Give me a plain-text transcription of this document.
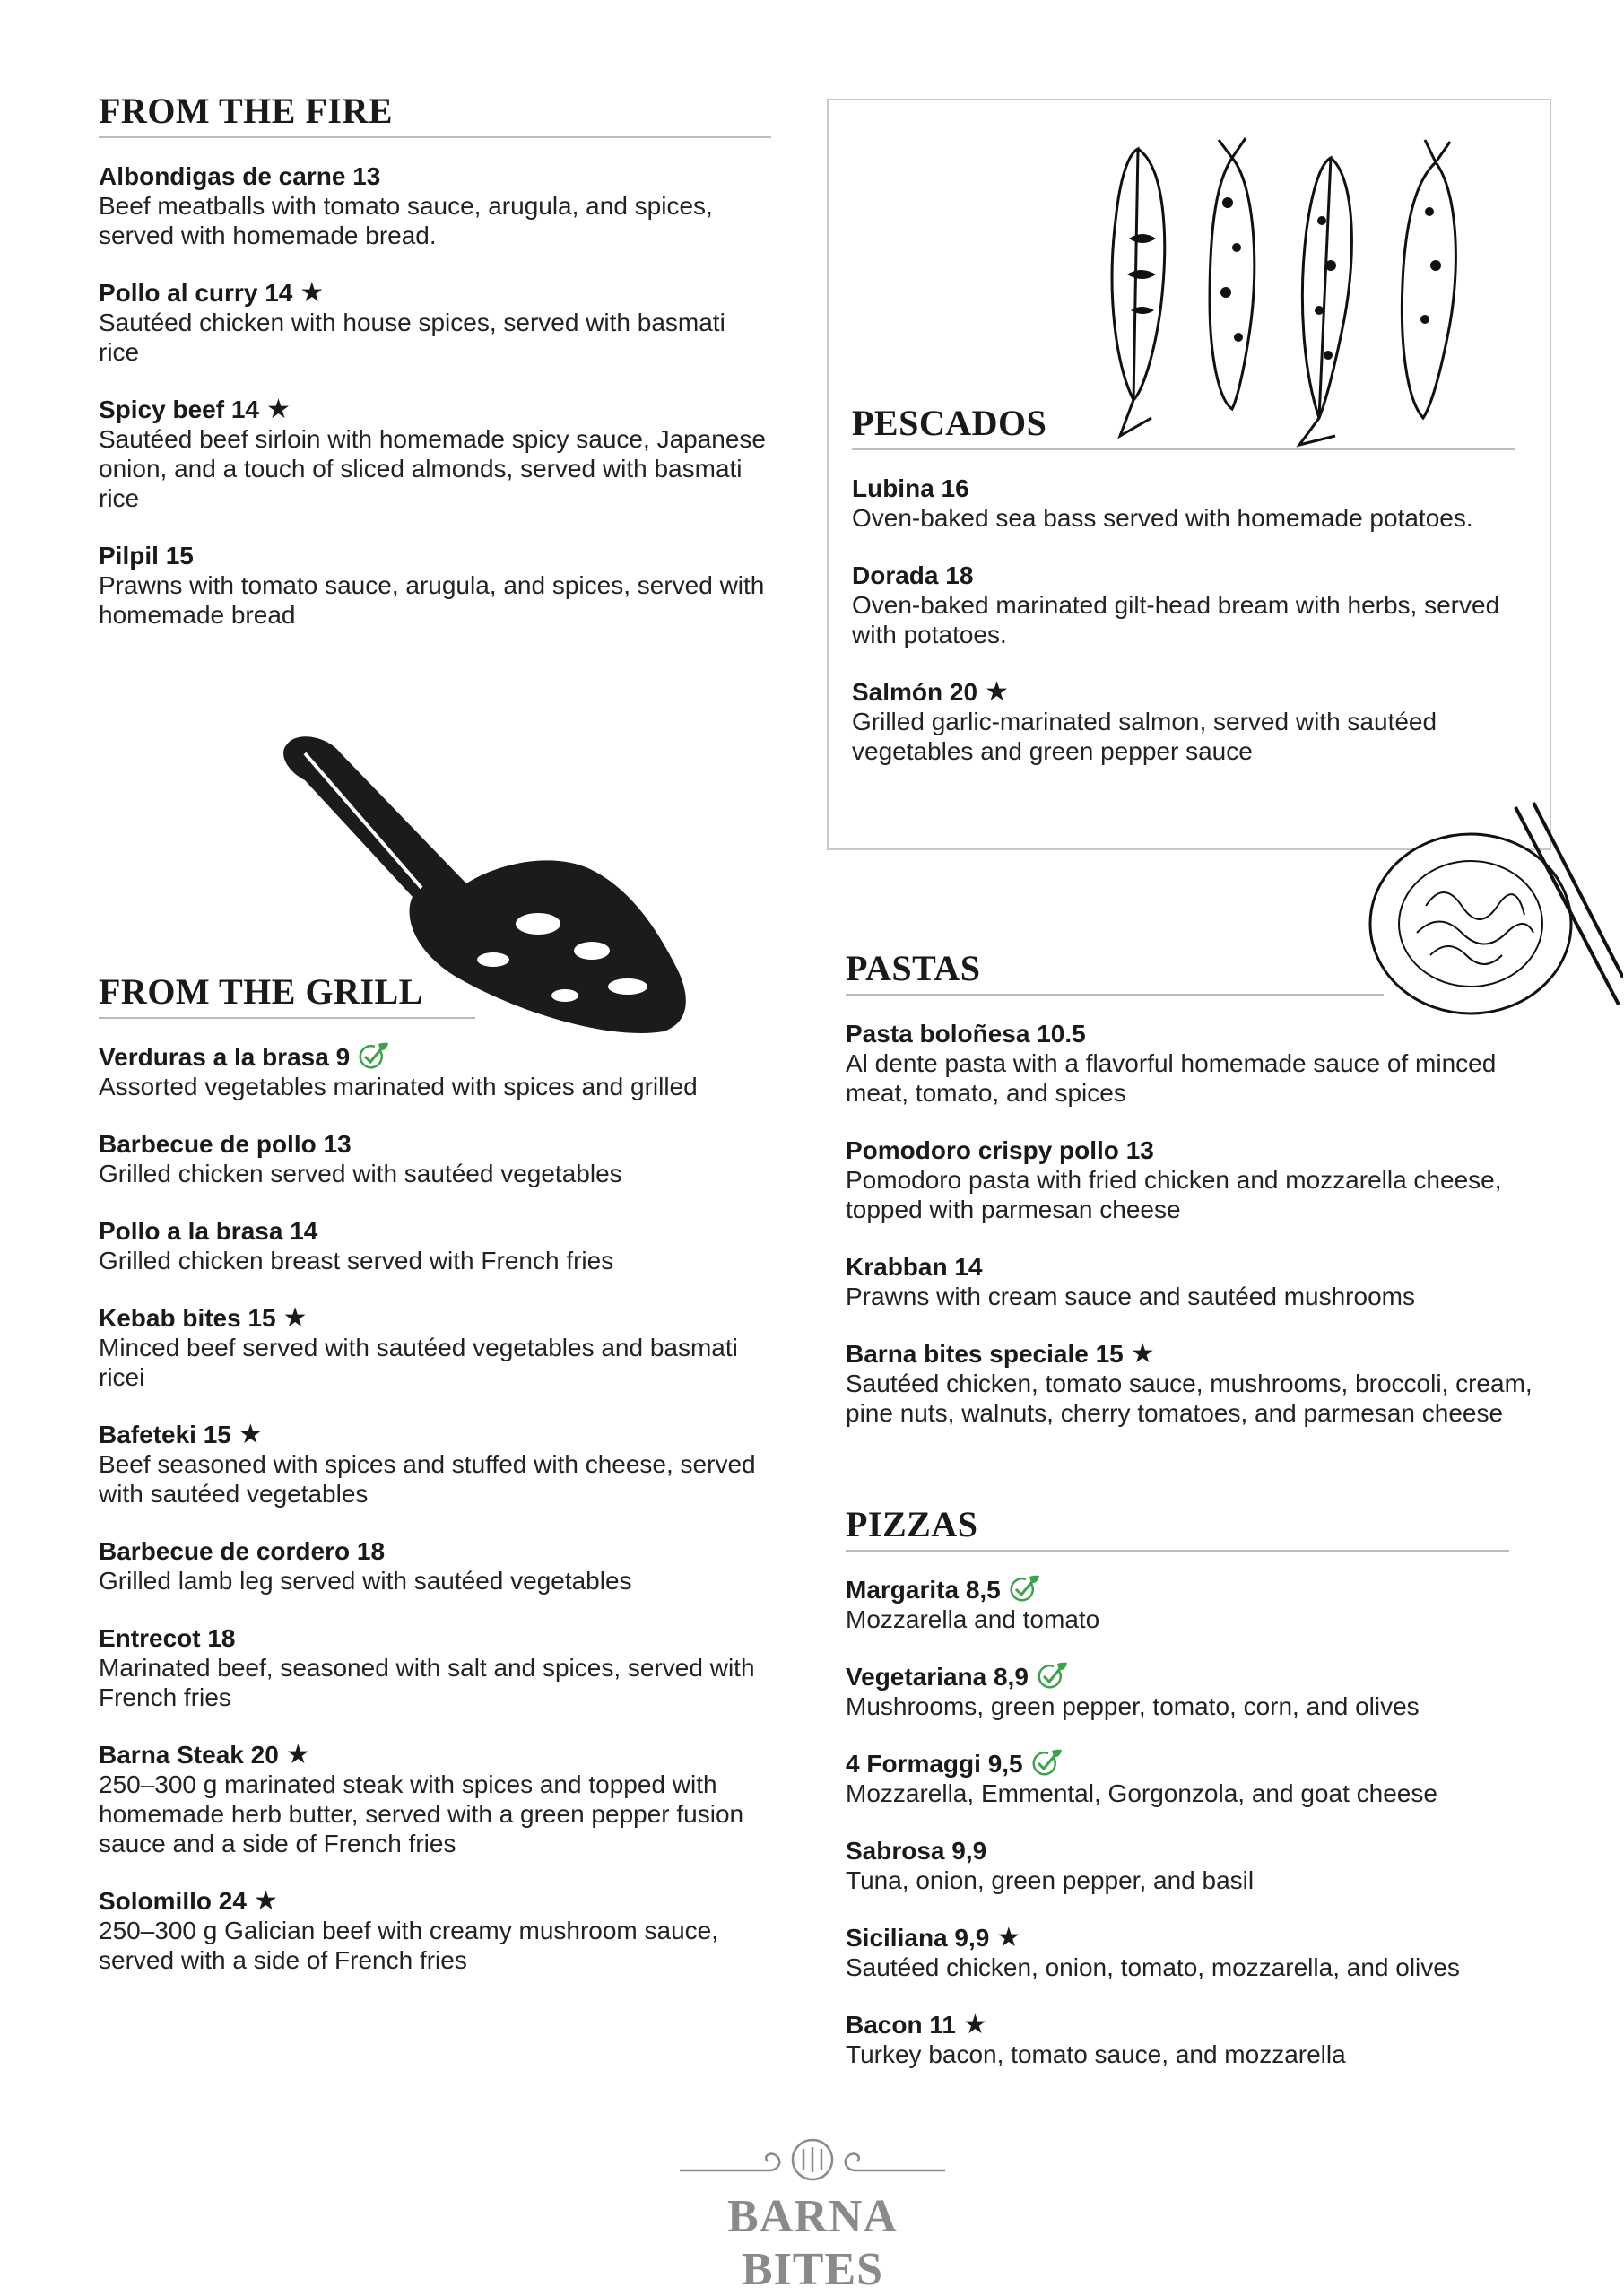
FROM THE FIRE
Albondigas de carne 13
Beef meatballs with tomato sauce, arugula, and spices, served with homemade bread.
Pollo al curry 14 ★
Sautéed chicken with house spices, served with basmati rice
Spicy beef 14 ★
Sautéed beef sirloin with homemade spicy sauce, Japanese onion, and a touch of sliced almonds, served with basmati rice
Pilpil 15
Prawns with tomato sauce, arugula, and spices, served with homemade bread
PESCADOS
Lubina 16
Oven-baked sea bass served with homemade potatoes.
Dorada 18
Oven-baked marinated gilt-head bream with herbs, served with potatoes.
Salmón 20 ★
Grilled garlic-marinated salmon, served with sautéed vegetables and green pepper sauce
FROM THE GRILL
Verduras a la brasa 9
Assorted vegetables marinated with spices and grilled
Barbecue de pollo 13
Grilled chicken served with sautéed vegetables
Pollo a la brasa 14
Grilled chicken breast served with French fries
Kebab bites 15 ★
Minced beef served with sautéed vegetables and basmati ricei
Bafeteki 15 ★
Beef seasoned with spices and stuffed with cheese, served with sautéed vegetables
Barbecue de cordero 18
Grilled lamb leg served with sautéed vegetables
Entrecot 18
Marinated beef, seasoned with salt and spices, served with French fries
Barna Steak 20 ★
250–300 g marinated steak with spices and topped with homemade herb butter, served with a green pepper fusion sauce and a side of French fries
Solomillo 24 ★
250–300 g Galician beef with creamy mushroom sauce, served with a side of French fries
PASTAS
Pasta boloñesa 10.5
Al dente pasta with a flavorful homemade sauce of minced meat, tomato, and spices
Pomodoro crispy pollo 13
Pomodoro pasta with fried chicken and mozzarella cheese, topped with parmesan cheese
Krabban 14
Prawns with cream sauce and sautéed mushrooms
Barna bites speciale 15 ★
Sautéed chicken, tomato sauce, mushrooms, broccoli, cream, pine nuts, walnuts, cherry tomatoes, and parmesan cheese
PIZZAS
Margarita 8,5
Mozzarella and tomato
Vegetariana 8,9
Mushrooms, green pepper, tomato, corn, and olives
4 Formaggi 9,5
Mozzarella, Emmental, Gorgonzola, and goat cheese
Sabrosa 9,9
Tuna, onion, green pepper, and basil
Siciliana 9,9 ★
Sautéed chicken, onion, tomato, mozzarella, and olives
Bacon 11 ★
Turkey bacon, tomato sauce, and mozzarella
BARNA BITES
